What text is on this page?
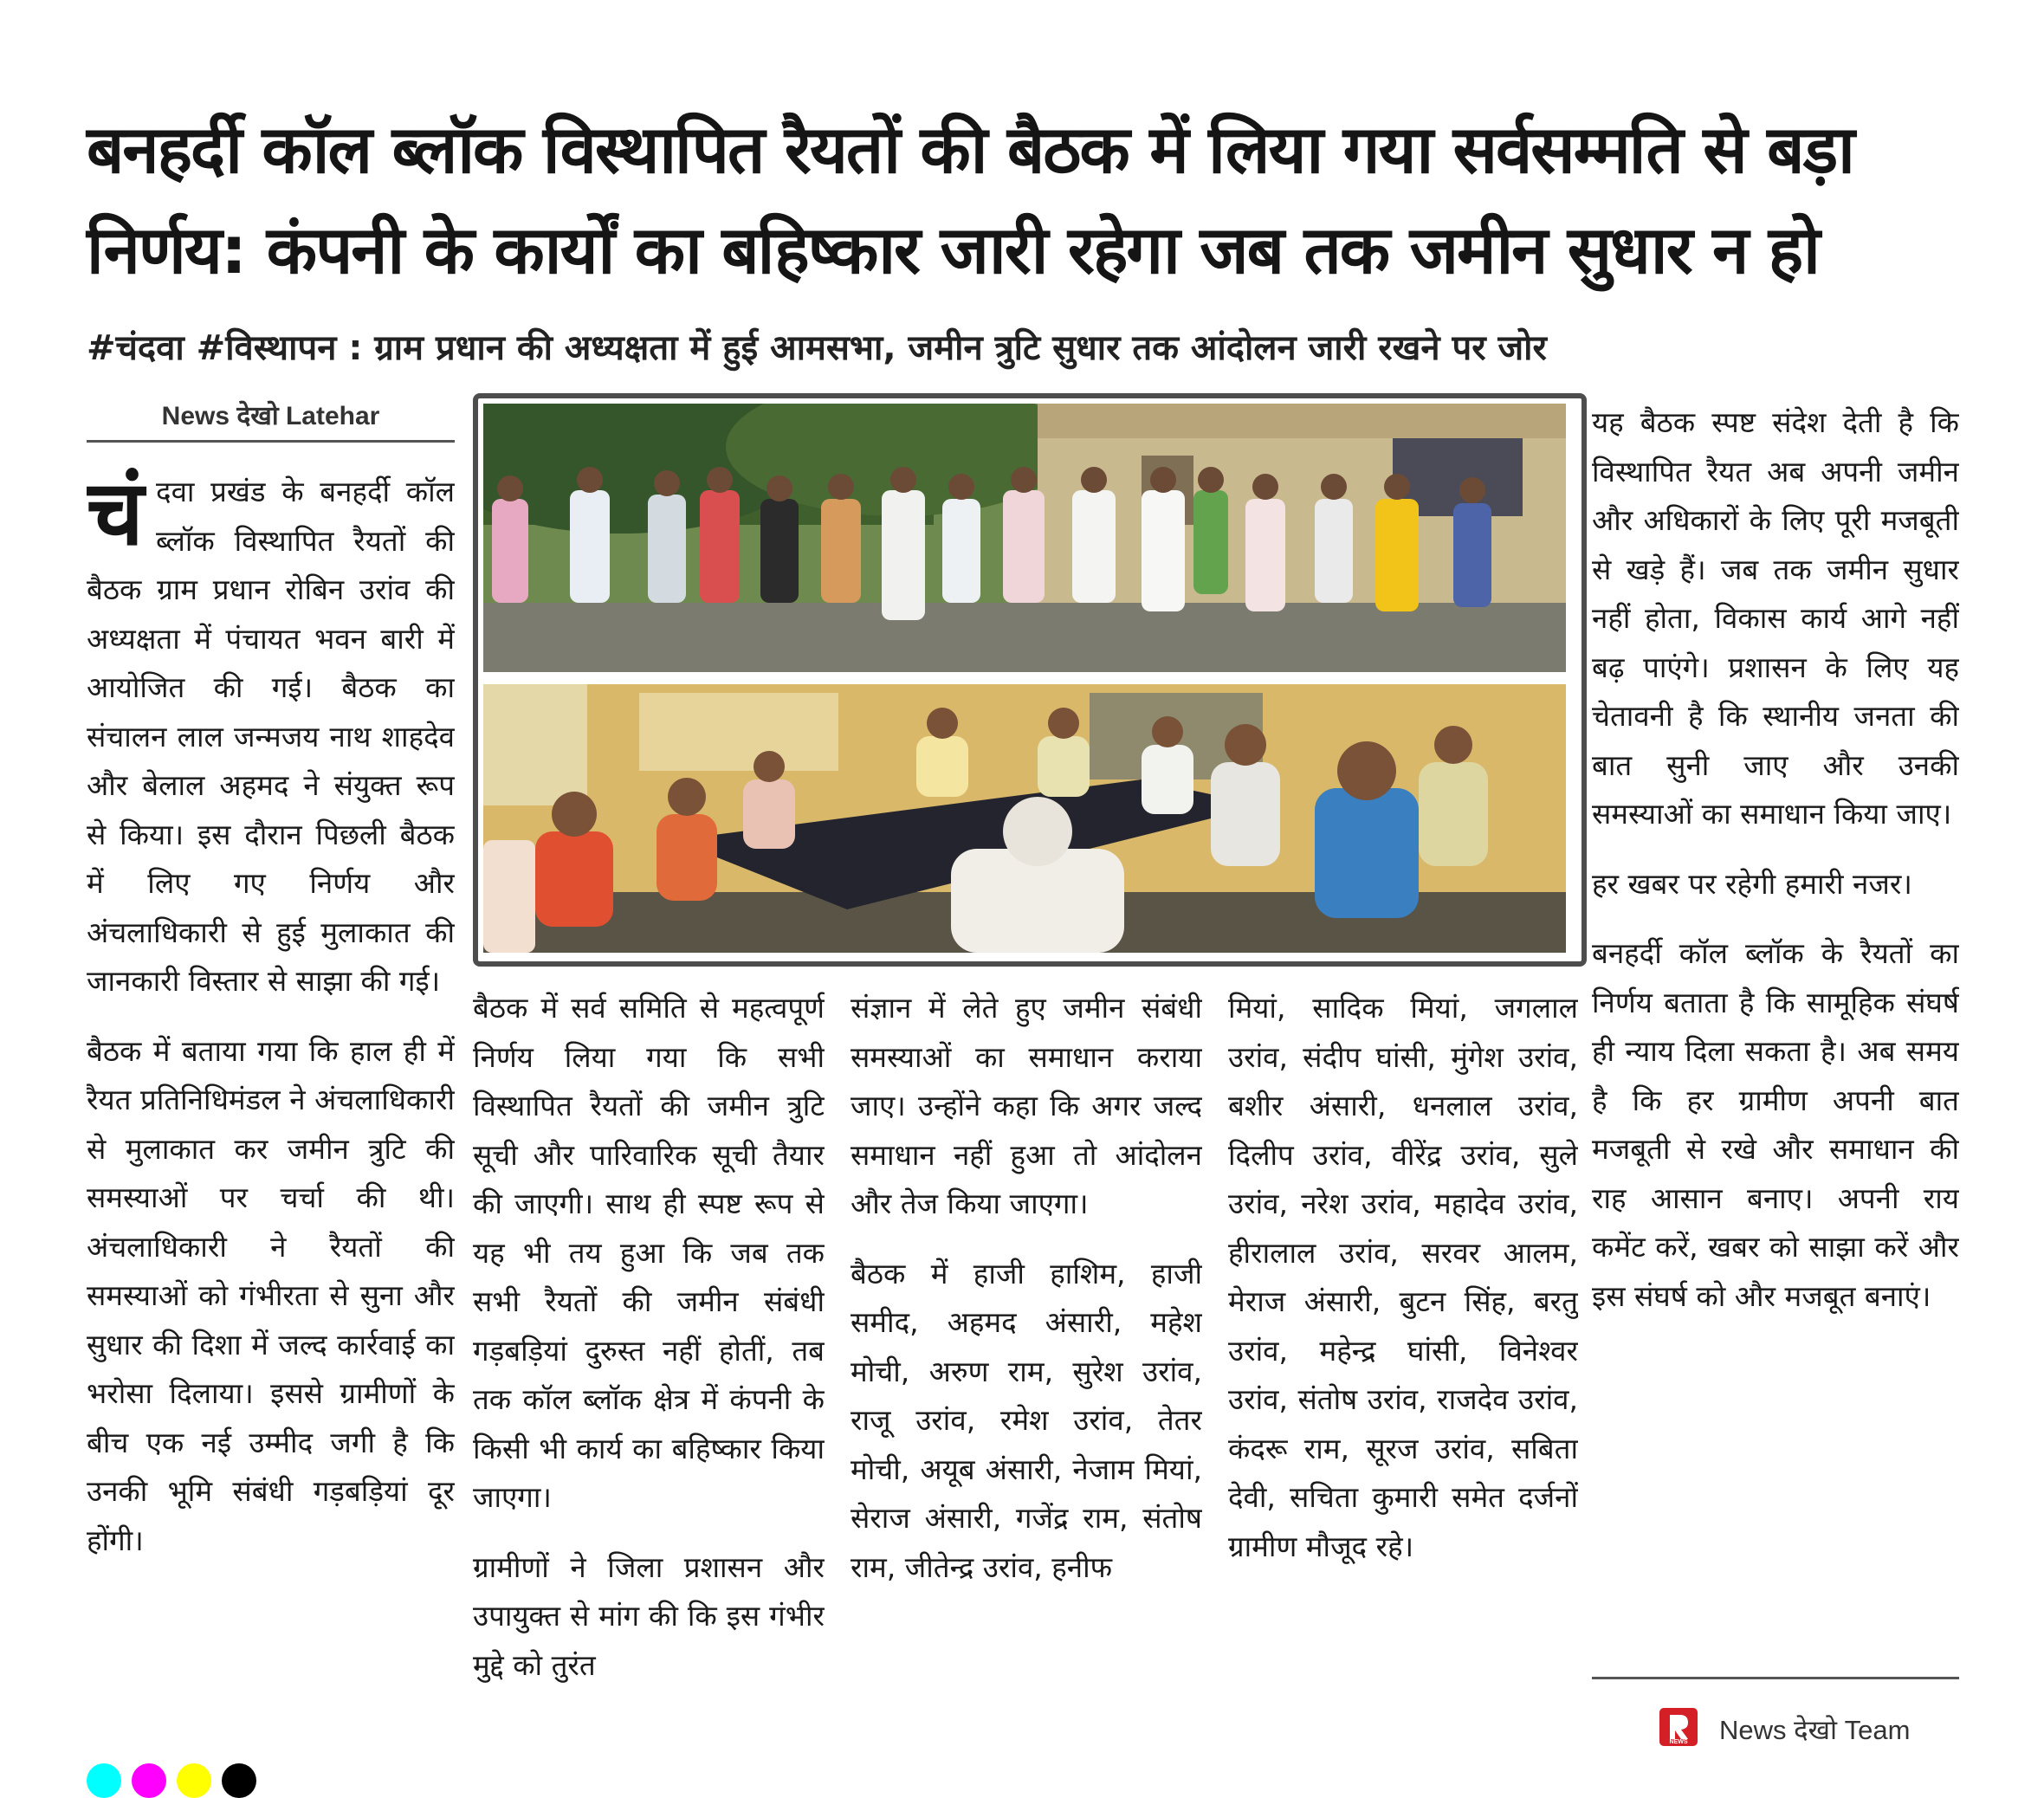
बनहर्दी कॉल ब्लॉक विस्थापित रैयतों की बैठक में लिया गया सर्वसम्मति से बड़ा निर्णय: कंपनी के कार्यों का बहिष्कार जारी रहेगा जब तक जमीन सुधार न हो
#चंदवा #विस्थापन : ग्राम प्रधान की अध्यक्षता में हुई आमसभा, जमीन त्रुटि सुधार तक आंदोलन जारी रखने पर जोर
News देखो Latehar

चंदवा प्रखंड के बनहर्दी कॉल ब्लॉक विस्थापित रैयतों की बैठक ग्राम प्रधान रोबिन उरांव की अध्यक्षता में पंचायत भवन बारी में आयोजित की गई। बैठक का संचालन लाल जन्मजय नाथ शाहदेव और बेलाल अहमद ने संयुक्त रूप से किया। इस दौरान पिछली बैठक में लिए गए निर्णय और अंचलाधिकारी से हुई मुलाकात की जानकारी विस्तार से साझा की गई।

बैठक में बताया गया कि हाल ही में रैयत प्रतिनिधिमंडल ने अंचलाधिकारी से मुलाकात कर जमीन त्रुटि की समस्याओं पर चर्चा की थी। अंचलाधिकारी ने रैयतों की समस्याओं को गंभीरता से सुना और सुधार की दिशा में जल्द कार्रवाई का भरोसा दिलाया। इससे ग्रामीणों के बीच एक नई उम्मीद जगी है कि उनकी भूमि संबंधी गड़बड़ियां दूर होंगी।

बैठक में सर्व समिति से महत्वपूर्ण निर्णय लिया गया कि सभी विस्थापित रैयतों की जमीन त्रुटि सूची और पारिवारिक सूची तैयार की जाएगी। साथ ही स्पष्ट रूप से यह भी तय हुआ कि जब तक सभी रैयतों की जमीन संबंधी गड़बड़ियां दुरुस्त नहीं होतीं, तब तक कॉल ब्लॉक क्षेत्र में कंपनी के किसी भी कार्य का बहिष्कार किया जाएगा।

ग्रामीणों ने जिला प्रशासन और उपायुक्त से मांग की कि इस गंभीर मुद्दे को तुरंत

संज्ञान में लेते हुए जमीन संबंधी समस्याओं का समाधान कराया जाए। उन्होंने कहा कि अगर जल्द समाधान नहीं हुआ तो आंदोलन और तेज किया जाएगा।

बैठक में हाजी हाशिम, हाजी समीद, अहमद अंसारी, महेश मोची, अरुण राम, सुरेश उरांव, राजू उरांव, रमेश उरांव, तेतर मोची, अयूब अंसारी, नेजाम मियां, सेराज अंसारी, गजेंद्र राम, संतोष राम, जीतेन्द्र उरांव, हनीफ

मियां, सादिक मियां, जगलाल उरांव, संदीप घांसी, मुंगेश उरांव, बशीर अंसारी, धनलाल उरांव, दिलीप उरांव, वीरेंद्र उरांव, सुले उरांव, नरेश उरांव, महादेव उरांव, हीरालाल उरांव, सरवर आलम, मेराज अंसारी, बुटन सिंह, बरतु उरांव, महेन्द्र घांसी, विनेश्वर उरांव, संतोष उरांव, राजदेव उरांव, कंदरू राम, सूरज उरांव, सबिता देवी, सचिता कुमारी समेत दर्जनों ग्रामीण मौजूद रहे।

यह बैठक स्पष्ट संदेश देती है कि विस्थापित रैयत अब अपनी जमीन और अधिकारों के लिए पूरी मजबूती से खड़े हैं। जब तक जमीन सुधार नहीं होता, विकास कार्य आगे नहीं बढ़ पाएंगे। प्रशासन के लिए यह चेतावनी है कि स्थानीय जनता की बात सुनी जाए और उनकी समस्याओं का समाधान किया जाए।

हर खबर पर रहेगी हमारी नजर।

बनहर्दी कॉल ब्लॉक के रैयतों का निर्णय बताता है कि सामूहिक संघर्ष ही न्याय दिला सकता है। अब समय है कि हर ग्रामीण अपनी बात मजबूती से रखे और समाधान की राह आसान बनाए। अपनी राय कमेंट करें, खबर को साझा करें और इस संघर्ष को और मजबूत बनाएं।

NEWS News देखो Team
